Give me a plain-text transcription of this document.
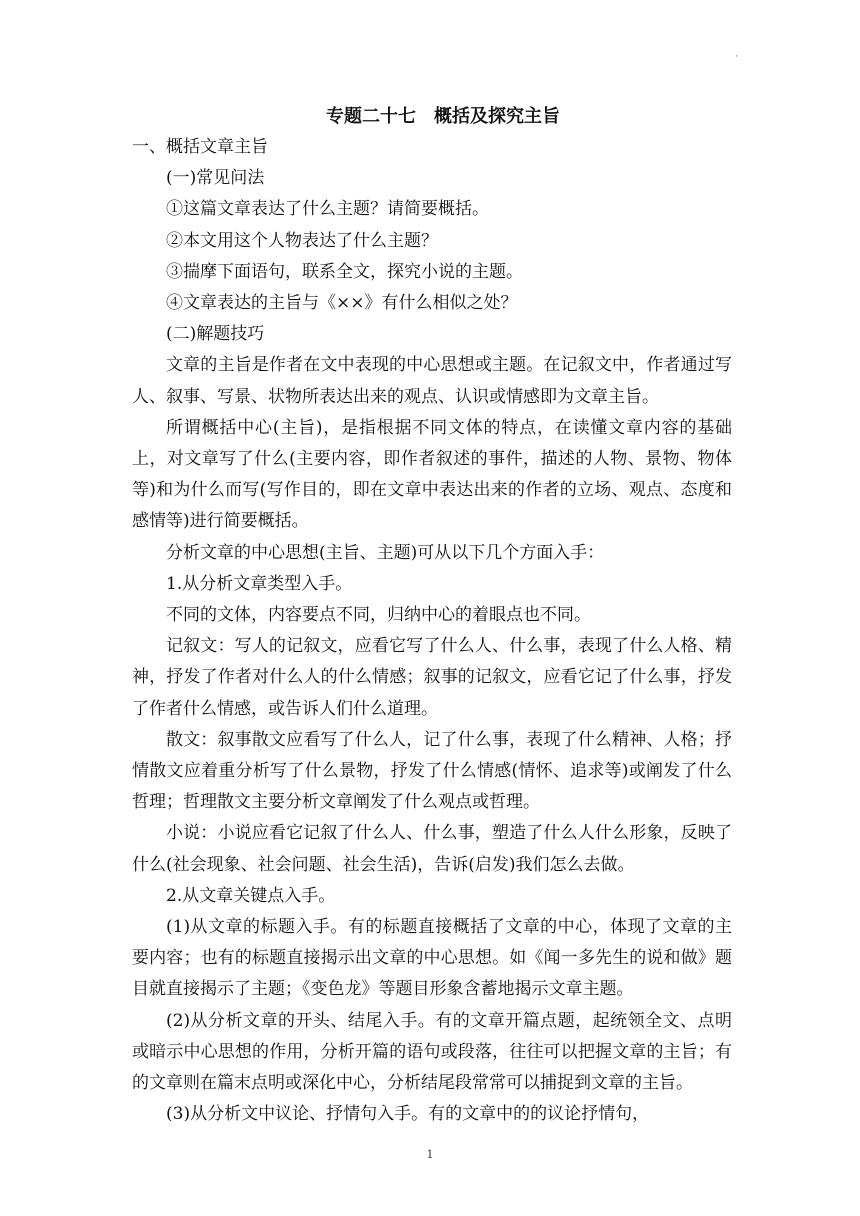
·
专题二十七　概括及探究主旨

一、概括文章主旨

(一)常见问法

①这篇文章表达了什么主题？请简要概括。

②本文用这个人物表达了什么主题？

③揣摩下面语句，联系全文，探究小说的主题。

④文章表达的主旨与《××》有什么相似之处？

(二)解题技巧

文章的主旨是作者在文中表现的中心思想或主题。在记叙文中，作者通过写人、叙事、写景、状物所表达出来的观点、认识或情感即为文章主旨。

所谓概括中心(主旨)，是指根据不同文体的特点，在读懂文章内容的基础上，对文章写了什么(主要内容，即作者叙述的事件，描述的人物、景物、物体等)和为什么而写(写作目的，即在文章中表达出来的作者的立场、观点、态度和感情等)进行简要概括。

分析文章的中心思想(主旨、主题)可从以下几个方面入手：

1.从分析文章类型入手。

不同的文体，内容要点不同，归纳中心的着眼点也不同。

记叙文：写人的记叙文，应看它写了什么人、什么事，表现了什么人格、精神，抒发了作者对什么人的什么情感；叙事的记叙文，应看它记了什么事，抒发了作者什么情感，或告诉人们什么道理。

散文：叙事散文应看写了什么人，记了什么事，表现了什么精神、人格；抒情散文应着重分析写了什么景物，抒发了什么情感(情怀、追求等)或阐发了什么哲理；哲理散文主要分析文章阐发了什么观点或哲理。

小说：小说应看它记叙了什么人、什么事，塑造了什么人什么形象，反映了什么(社会现象、社会问题、社会生活)，告诉(启发)我们怎么去做。

2.从文章关键点入手。

(1)从文章的标题入手。有的标题直接概括了文章的中心，体现了文章的主要内容；也有的标题直接揭示出文章的中心思想。如《闻一多先生的说和做》题目就直接揭示了主题；《变色龙》等题目形象含蓄地揭示文章主题。

(2)从分析文章的开头、结尾入手。有的文章开篇点题，起统领全文、点明或暗示中心思想的作用，分析开篇的语句或段落，往往可以把握文章的主旨；有的文章则在篇末点明或深化中心，分析结尾段常常可以捕捉到文章的主旨。

(3)从分析文中议论、抒情句入手。有的文章中的的议论抒情句，

1
